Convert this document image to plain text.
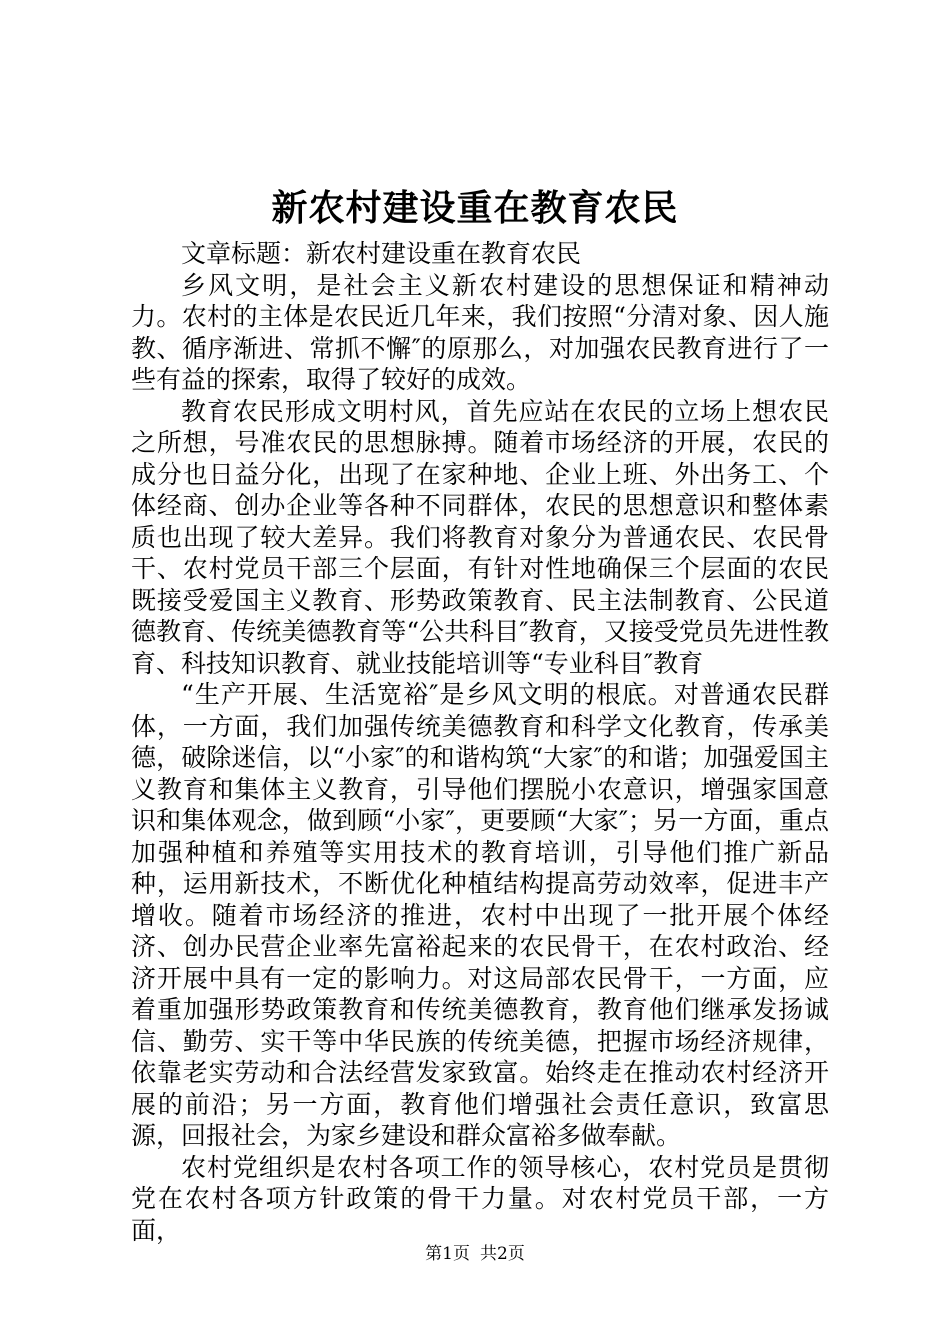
新农村建设重在教育农民

文章标题：新农村建设重在教育农民

乡风文明，是社会主义新农村建设的思想保证和精神动力。农村的主体是农民近几年来，我们按照“分清对象、因人施教、循序渐进、常抓不懈″的原那么，对加强农民教育进行了一些有益的探索，取得了较好的成效。

教育农民形成文明村风，首先应站在农民的立场上想农民之所想，号准农民的思想脉搏。随着市场经济的开展，农民的成分也日益分化，出现了在家种地、企业上班、外出务工、个体经商、创办企业等各种不同群体，农民的思想意识和整体素质也出现了较大差异。我们将教育对象分为普通农民、农民骨干、农村党员干部三个层面，有针对性地确保三个层面的农民既接受爱国主义教育、形势政策教育、民主法制教育、公民道德教育、传统美德教育等“公共科目″教育，又接受党员先进性教育、科技知识教育、就业技能培训等“专业科目″教育

“生产开展、生活宽裕″是乡风文明的根底。对普通农民群体，一方面，我们加强传统美德教育和科学文化教育，传承美德，破除迷信，以“小家″的和谐构筑“大家″的和谐；加强爱国主义教育和集体主义教育，引导他们摆脱小农意识，增强家国意识和集体观念，做到顾“小家″，更要顾“大家″；另一方面，重点加强种植和养殖等实用技术的教育培训，引导他们推广新品种，运用新技术，不断优化种植结构提高劳动效率，促进丰产增收。随着市场经济的推进，农村中出现了一批开展个体经济、创办民营企业率先富裕起来的农民骨干，在农村政治、经济开展中具有一定的影响力。对这局部农民骨干，一方面，应着重加强形势政策教育和传统美德教育，教育他们继承发扬诚信、勤劳、实干等中华民族的传统美德，把握市场经济规律，依靠老实劳动和合法经营发家致富。始终走在推动农村经济开展的前沿；另一方面，教育他们增强社会责任意识，致富思源，回报社会，为家乡建设和群众富裕多做奉献。

农村党组织是农村各项工作的领导核心，农村党员是贯彻党在农村各项方针政策的骨干力量。对农村党员干部，一方面，

第1页 共2页
